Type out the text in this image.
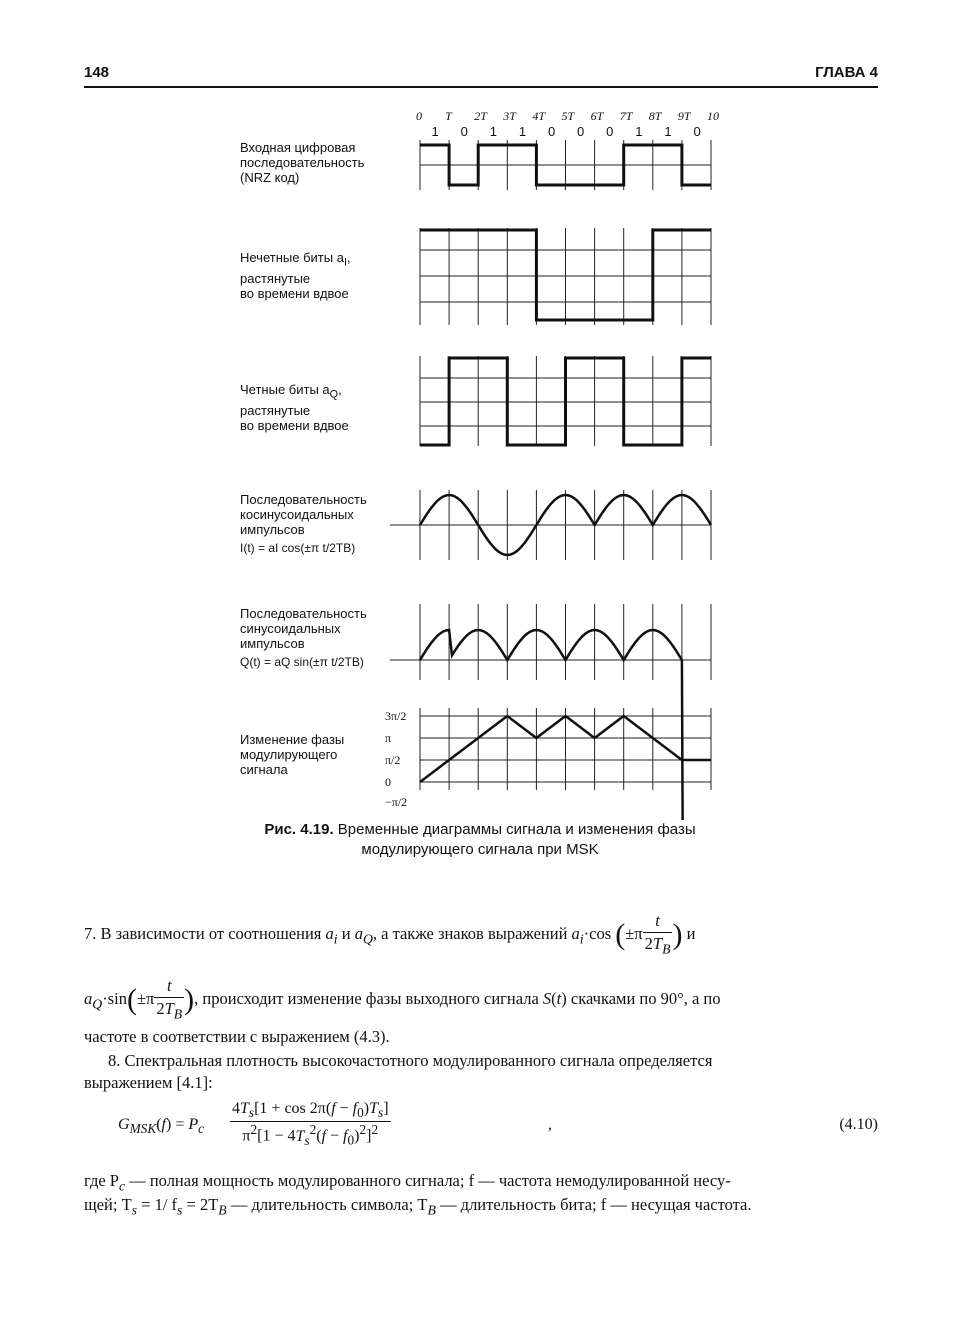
148	ГЛАВА 4
0 T 2T 3T 4T 5T 6T 7T 8T 9T 10
1 0 1 1 0 0 0 1 1 0
3π/2
π
π/2
0
−π/2
Входная цифровая
последовательность
(NRZ код)
Нечетные биты $a_I$,
растянутые
во времени вдвое
Четные биты $a_Q$,
растянутые
во времени вдвое
Последовательность
косинусоидальных
импульсов
I(t) = aI cos(±π t/2TB)
Последовательность
синусоидальных
импульсов
Q(t) = aQ sin(±π t/2TB)
Изменение фазы
модулирующего
сигнала
Рис. 4.19. Временные диаграммы сигнала и изменения фазы
модулирующего сигнала при MSK
7. В зависимости от соотношения $a_i$ и $a_Q$, а также знаков выражений $a_i\cdot\cos$ ($\pm\pi \frac{t}{2T_B}$ ) и
$a_Q\cdot\sin(\pm\pi \frac{t}{2T_B}$ ), происходит изменение фазы выходного сигнала S(t) скачками по 90°, а по
частоте в соответствии с выражением (4.3).
8. Спектральная плотность высокочастотного модулированного сигнала определяется
выражением [4.1]:
$G_{MSK}(f) = P_c \frac{4T_s[1 + \cos 2\pi(f - f_0)T_s]}{\pi^2[1 - 4T_s^2(f - f_0)^2]^2}$	,	(4.10)
где $P_c$ — полная мощность модулированного сигнала; f — частота немодулированной несу-
щей; $T_s = 1/$ $f_s = 2T_B$ — длительность символа; $T_B$ — длительность бита; f — несущая частота.
